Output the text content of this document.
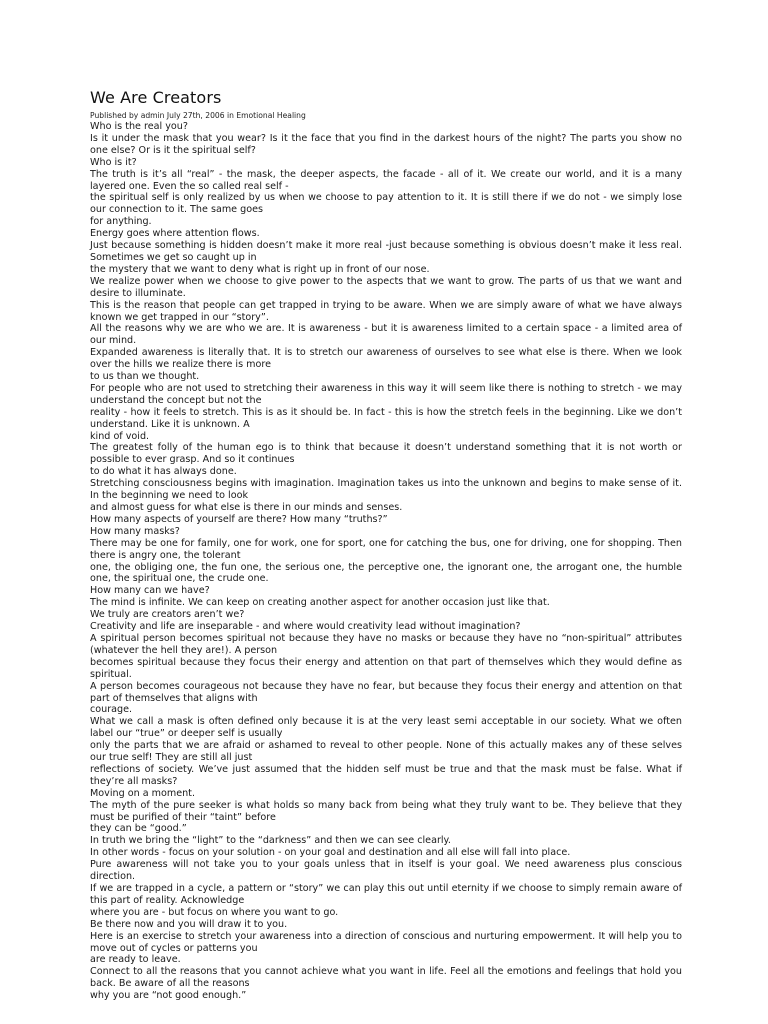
We Are Creators

Published by admin July 27th, 2006 in Emotional Healing

Who is the real you?

Is it under the mask that you wear? Is it the face that you find in the darkest hours of the night? The parts you show no one else? Or is it the spiritual self?

Who is it?

The truth is it’s all “real” - the mask, the deeper aspects, the facade - all of it. We create our world, and it is a many layered one. Even the so called real self -

the spiritual self is only realized by us when we choose to pay attention to it. It is still there if we do not - we simply lose our connection to it. The same goes

for anything.

Energy goes where attention flows.

Just because something is hidden doesn’t make it more real -just because something is obvious doesn’t make it less real. Sometimes we get so caught up in

the mystery that we want to deny what is right up in front of our nose.

We realize power when we choose to give power to the aspects that we want to grow. The parts of us that we want and desire to illuminate.

This is the reason that people can get trapped in trying to be aware. When we are simply aware of what we have always known we get trapped in our “story”.

All the reasons why we are who we are. It is awareness - but it is awareness limited to a certain space - a limited area of our mind.

Expanded awareness is literally that. It is to stretch our awareness of ourselves to see what else is there. When we look over the hills we realize there is more

to us than we thought.

For people who are not used to stretching their awareness in this way it will seem like there is nothing to stretch - we may understand the concept but not the

reality - how it feels to stretch. This is as it should be. In fact - this is how the stretch feels in the beginning. Like we don’t understand. Like it is unknown. A

kind of void.

The greatest folly of the human ego is to think that because it doesn’t understand something that it is not worth or possible to ever grasp. And so it continues

to do what it has always done.

Stretching consciousness begins with imagination. Imagination takes us into the unknown and begins to make sense of it. In the beginning we need to look

and almost guess for what else is there in our minds and senses.

How many aspects of yourself are there? How many “truths?”

How many masks?

There may be one for family, one for work, one for sport, one for catching the bus, one for driving, one for shopping. Then there is angry one, the tolerant

one, the obliging one, the fun one, the serious one, the perceptive one, the ignorant one, the arrogant one, the humble one, the spiritual one, the crude one.

How many can we have?

The mind is infinite. We can keep on creating another aspect for another occasion just like that.

We truly are creators aren’t we?

Creativity and life are inseparable - and where would creativity lead without imagination?

A spiritual person becomes spiritual not because they have no masks or because they have no “non-spiritual” attributes (whatever the hell they are!). A person

becomes spiritual because they focus their energy and attention on that part of themselves which they would define as spiritual.

A person becomes courageous not because they have no fear, but because they focus their energy and attention on that part of themselves that aligns with

courage.

What we call a mask is often defined only because it is at the very least semi acceptable in our society. What we often label our “true” or deeper self is usually

only the parts that we are afraid or ashamed to reveal to other people. None of this actually makes any of these selves our true self! They are still all just

reflections of society. We’ve just assumed that the hidden self must be true and that the mask must be false. What if they’re all masks?

Moving on a moment.

The myth of the pure seeker is what holds so many back from being what they truly want to be. They believe that they must be purified of their “taint” before

they can be “good.”

In truth we bring the “light” to the “darkness” and then we can see clearly.

In other words - focus on your solution - on your goal and destination and all else will fall into place.

Pure awareness will not take you to your goals unless that in itself is your goal. We need awareness plus conscious direction.

If we are trapped in a cycle, a pattern or “story” we can play this out until eternity if we choose to simply remain aware of this part of reality. Acknowledge

where you are - but focus on where you want to go.

Be there now and you will draw it to you.

Here is an exercise to stretch your awareness into a direction of conscious and nurturing empowerment. It will help you to move out of cycles or patterns you

are ready to leave.

Connect to all the reasons that you cannot achieve what you want in life. Feel all the emotions and feelings that hold you back. Be aware of all the reasons

why you are “not good enough.”
